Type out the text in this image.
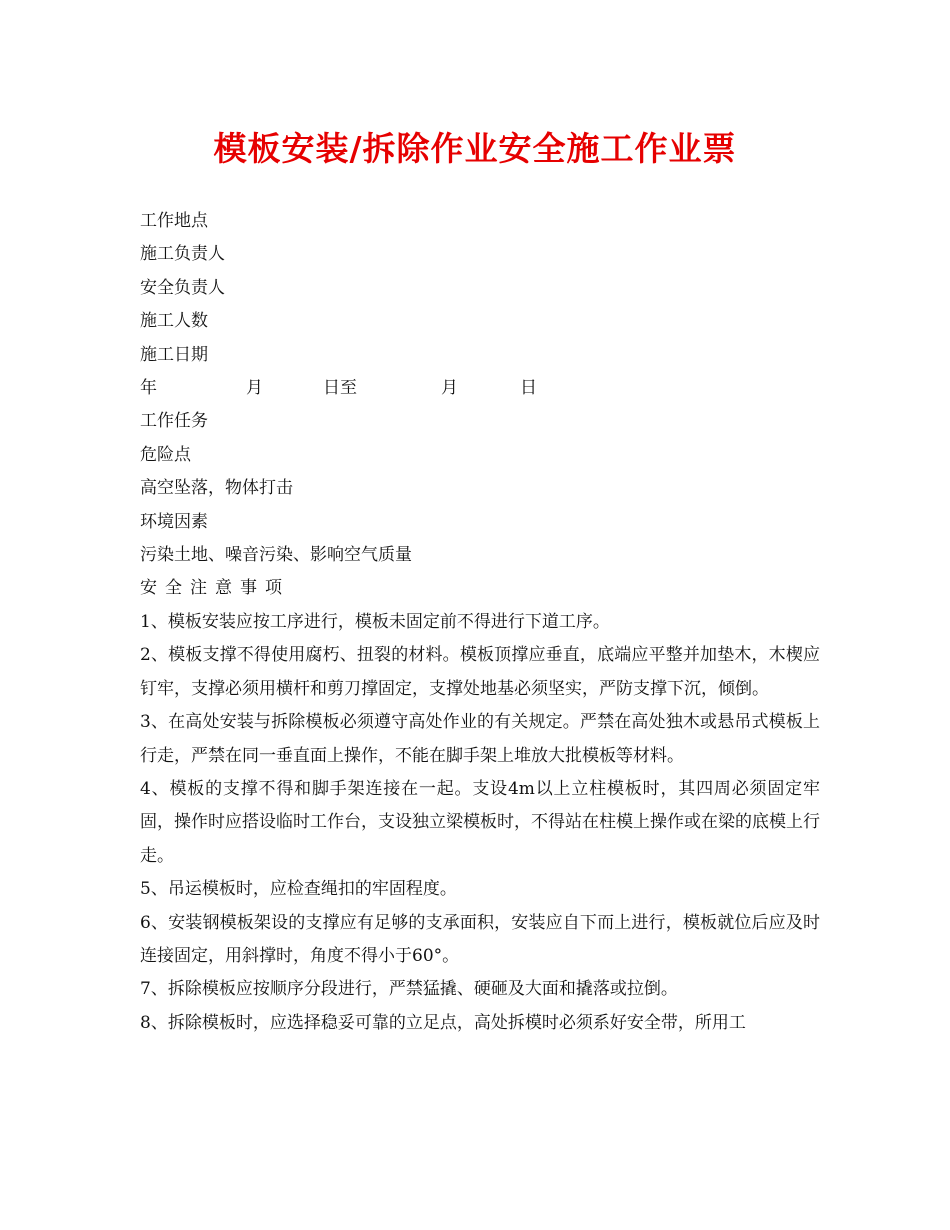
模板安装/拆除作业安全施工作业票

工作地点

施工负责人

安全负责人

施工人数

施工日期

年	月	日至	月	日

工作任务

危险点

高空坠落，物体打击

环境因素

污染土地、噪音污染、影响空气质量

安全注意事项

1、模板安装应按工序进行，模板未固定前不得进行下道工序。

2、模板支撑不得使用腐朽、扭裂的材料。模板顶撑应垂直，底端应平整并加垫木，木楔应钉牢，支撑必须用横杆和剪刀撑固定，支撑处地基必须坚实，严防支撑下沉，倾倒。

3、在高处安装与拆除模板必须遵守高处作业的有关规定。严禁在高处独木或悬吊式模板上行走，严禁在同一垂直面上操作，不能在脚手架上堆放大批模板等材料。

4、模板的支撑不得和脚手架连接在一起。支设4m以上立柱模板时，其四周必须固定牢固，操作时应搭设临时工作台，支设独立梁模板时，不得站在柱模上操作或在梁的底模上行走。

5、吊运模板时，应检查绳扣的牢固程度。

6、安装钢模板架设的支撑应有足够的支承面积，安装应自下而上进行，模板就位后应及时连接固定，用斜撑时，角度不得小于60°。

7、拆除模板应按顺序分段进行，严禁猛撬、硬砸及大面和撬落或拉倒。

8、拆除模板时，应选择稳妥可靠的立足点，高处拆模时必须系好安全带，所用工
